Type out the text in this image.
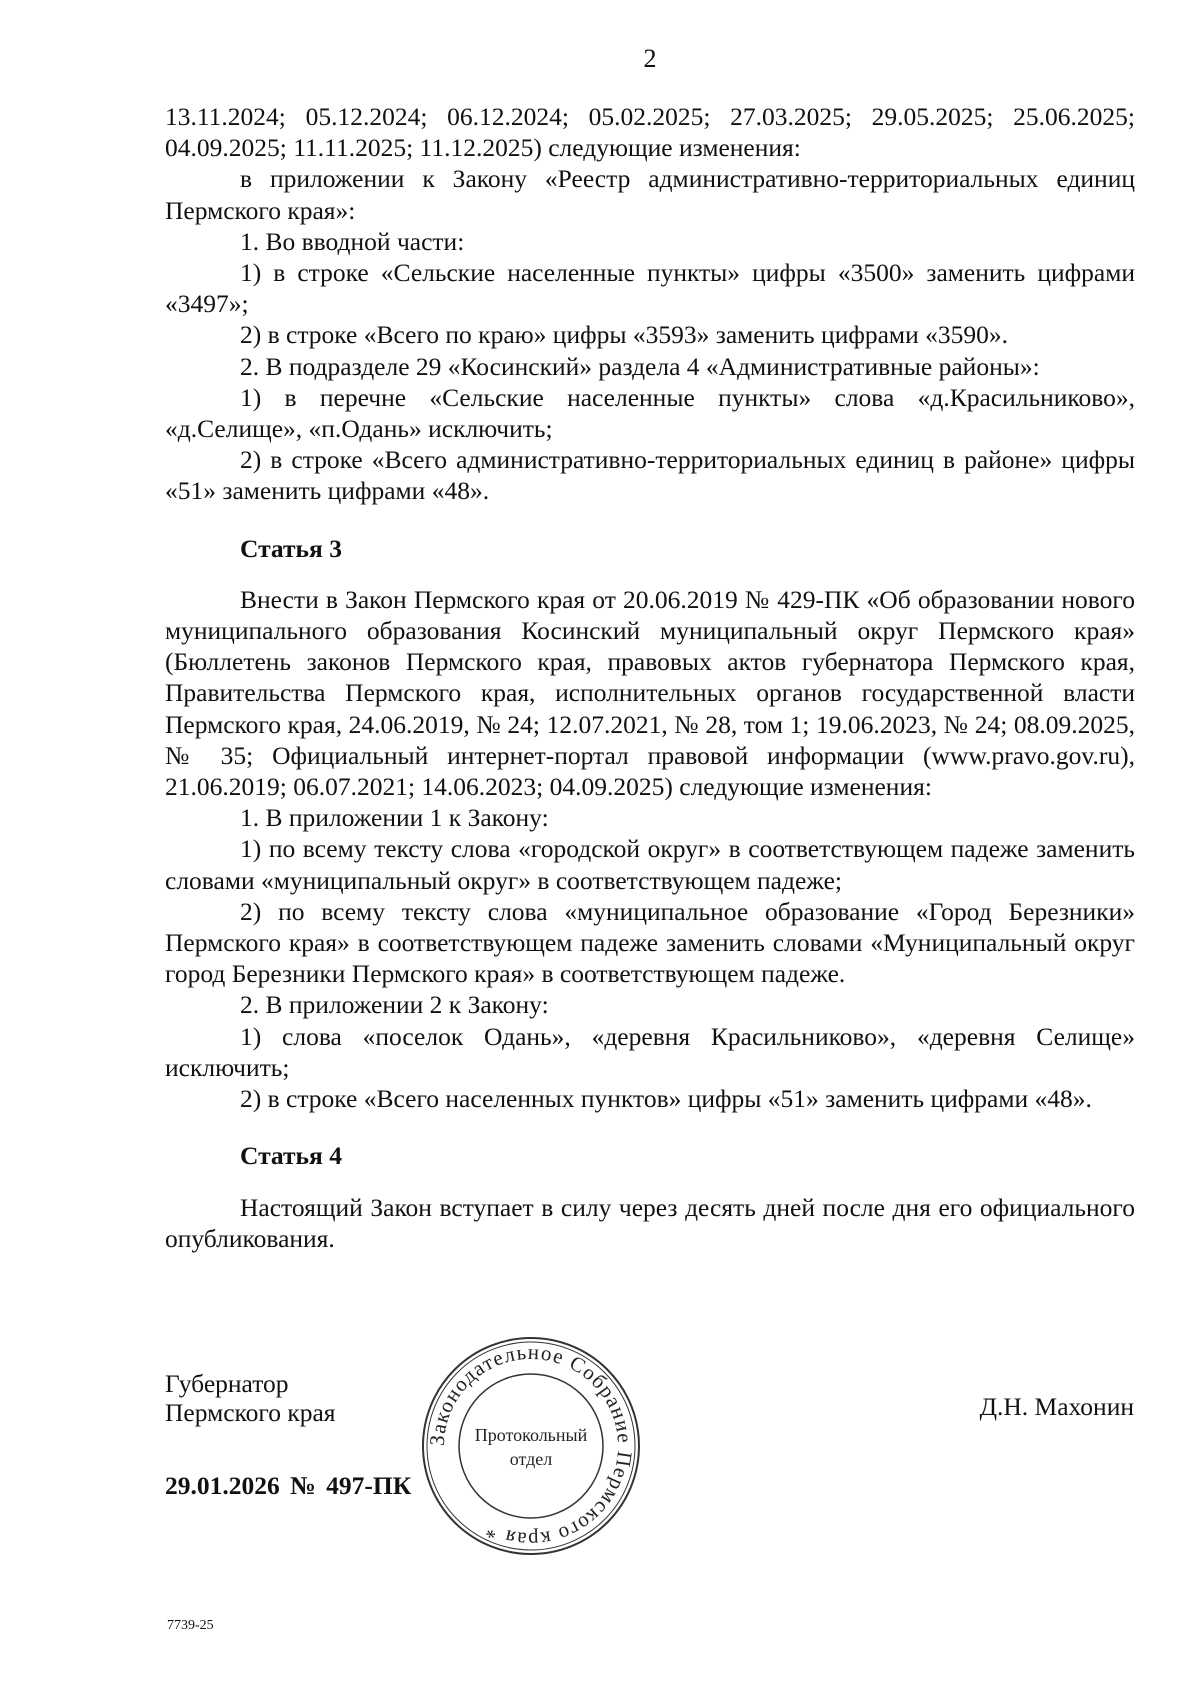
2

13.11.2024; 05.12.2024; 06.12.2024; 05.02.2025; 27.03.2025; 29.05.2025; 25.06.2025; 04.09.2025; 11.11.2025; 11.12.2025) следующие изменения:

в приложении к Закону «Реестр административно-территориальных единиц Пермского края»:

1. Во вводной части:

1) в строке «Сельские населенные пункты» цифры «3500» заменить цифрами «3497»;

2) в строке «Всего по краю» цифры «3593» заменить цифрами «3590».

2. В подразделе 29 «Косинский» раздела 4 «Административные районы»:

1) в перечне «Сельские населенные пункты» слова «д.Красильниково», «д.Селище», «п.Одань» исключить;

2) в строке «Всего административно-территориальных единиц в районе» цифры «51» заменить цифрами «48».

Статья 3

Внести в Закон Пермского края от 20.06.2019 № 429-ПК «Об образовании нового муниципального образования Косинский муниципальный округ Пермского края» (Бюллетень законов Пермского края, правовых актов губернатора Пермского края, Правительства Пермского края, исполнительных органов государственной власти Пермского края, 24.06.2019, № 24; 12.07.2021, № 28, том 1; 19.06.2023, № 24; 08.09.2025, № 35; Официальный интернет-портал правовой информации (www.pravo.gov.ru), 21.06.2019; 06.07.2021; 14.06.2023; 04.09.2025) следующие изменения:

1. В приложении 1 к Закону:

1) по всему тексту слова «городской округ» в соответствующем падеже заменить словами «муниципальный округ» в соответствующем падеже;

2) по всему тексту слова «муниципальное образование «Город Березники» Пермского края» в соответствующем падеже заменить словами «Муниципальный округ город Березники Пермского края» в соответствующем падеже.

2. В приложении 2 к Закону:

1) слова «поселок Одань», «деревня Красильниково», «деревня Селище» исключить;

2) в строке «Всего населенных пунктов» цифры «51» заменить цифрами «48».

Статья 4

Настоящий Закон вступает в силу через десять дней после дня его официального опубликования.

Губернатор
Пермского края	Д.Н. Махонин
29.01.2026 № 497-ПК
Законодательное Собрание Пермского края *
Протокольный
отдел
7739-25
